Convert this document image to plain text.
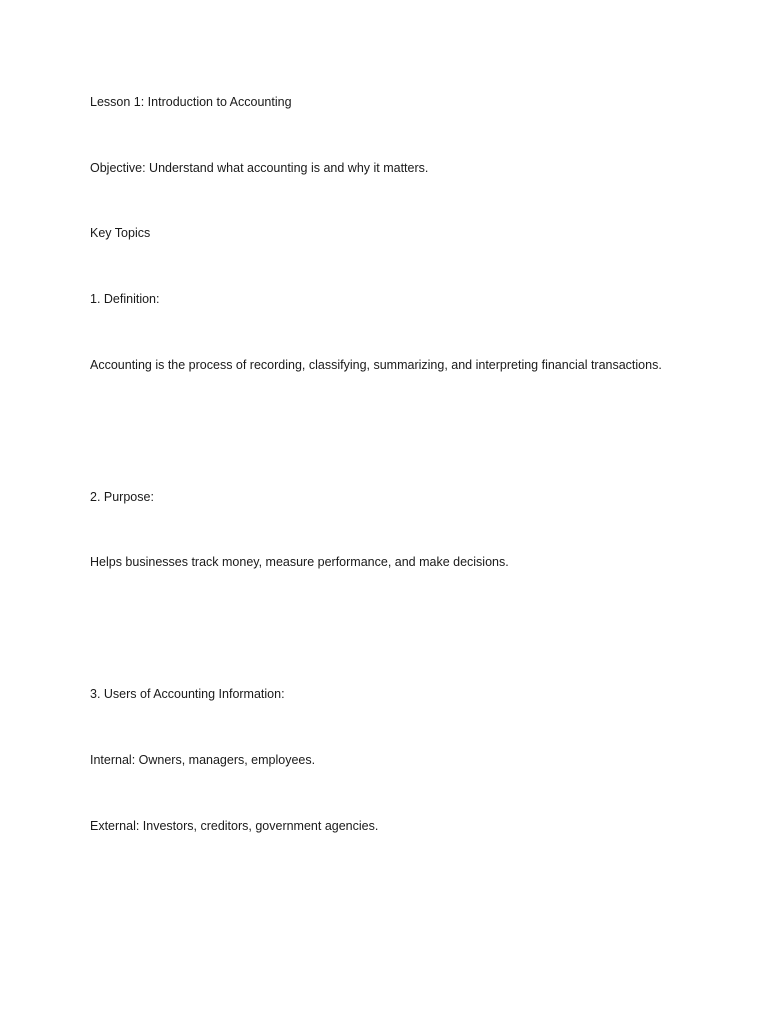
Lesson 1: Introduction to Accounting

Objective: Understand what accounting is and why it matters.

Key Topics

1. Definition:

Accounting is the process of recording, classifying, summarizing, and interpreting financial transactions.

2. Purpose:

Helps businesses track money, measure performance, and make decisions.

3. Users of Accounting Information:

Internal: Owners, managers, employees.

External: Investors, creditors, government agencies.
